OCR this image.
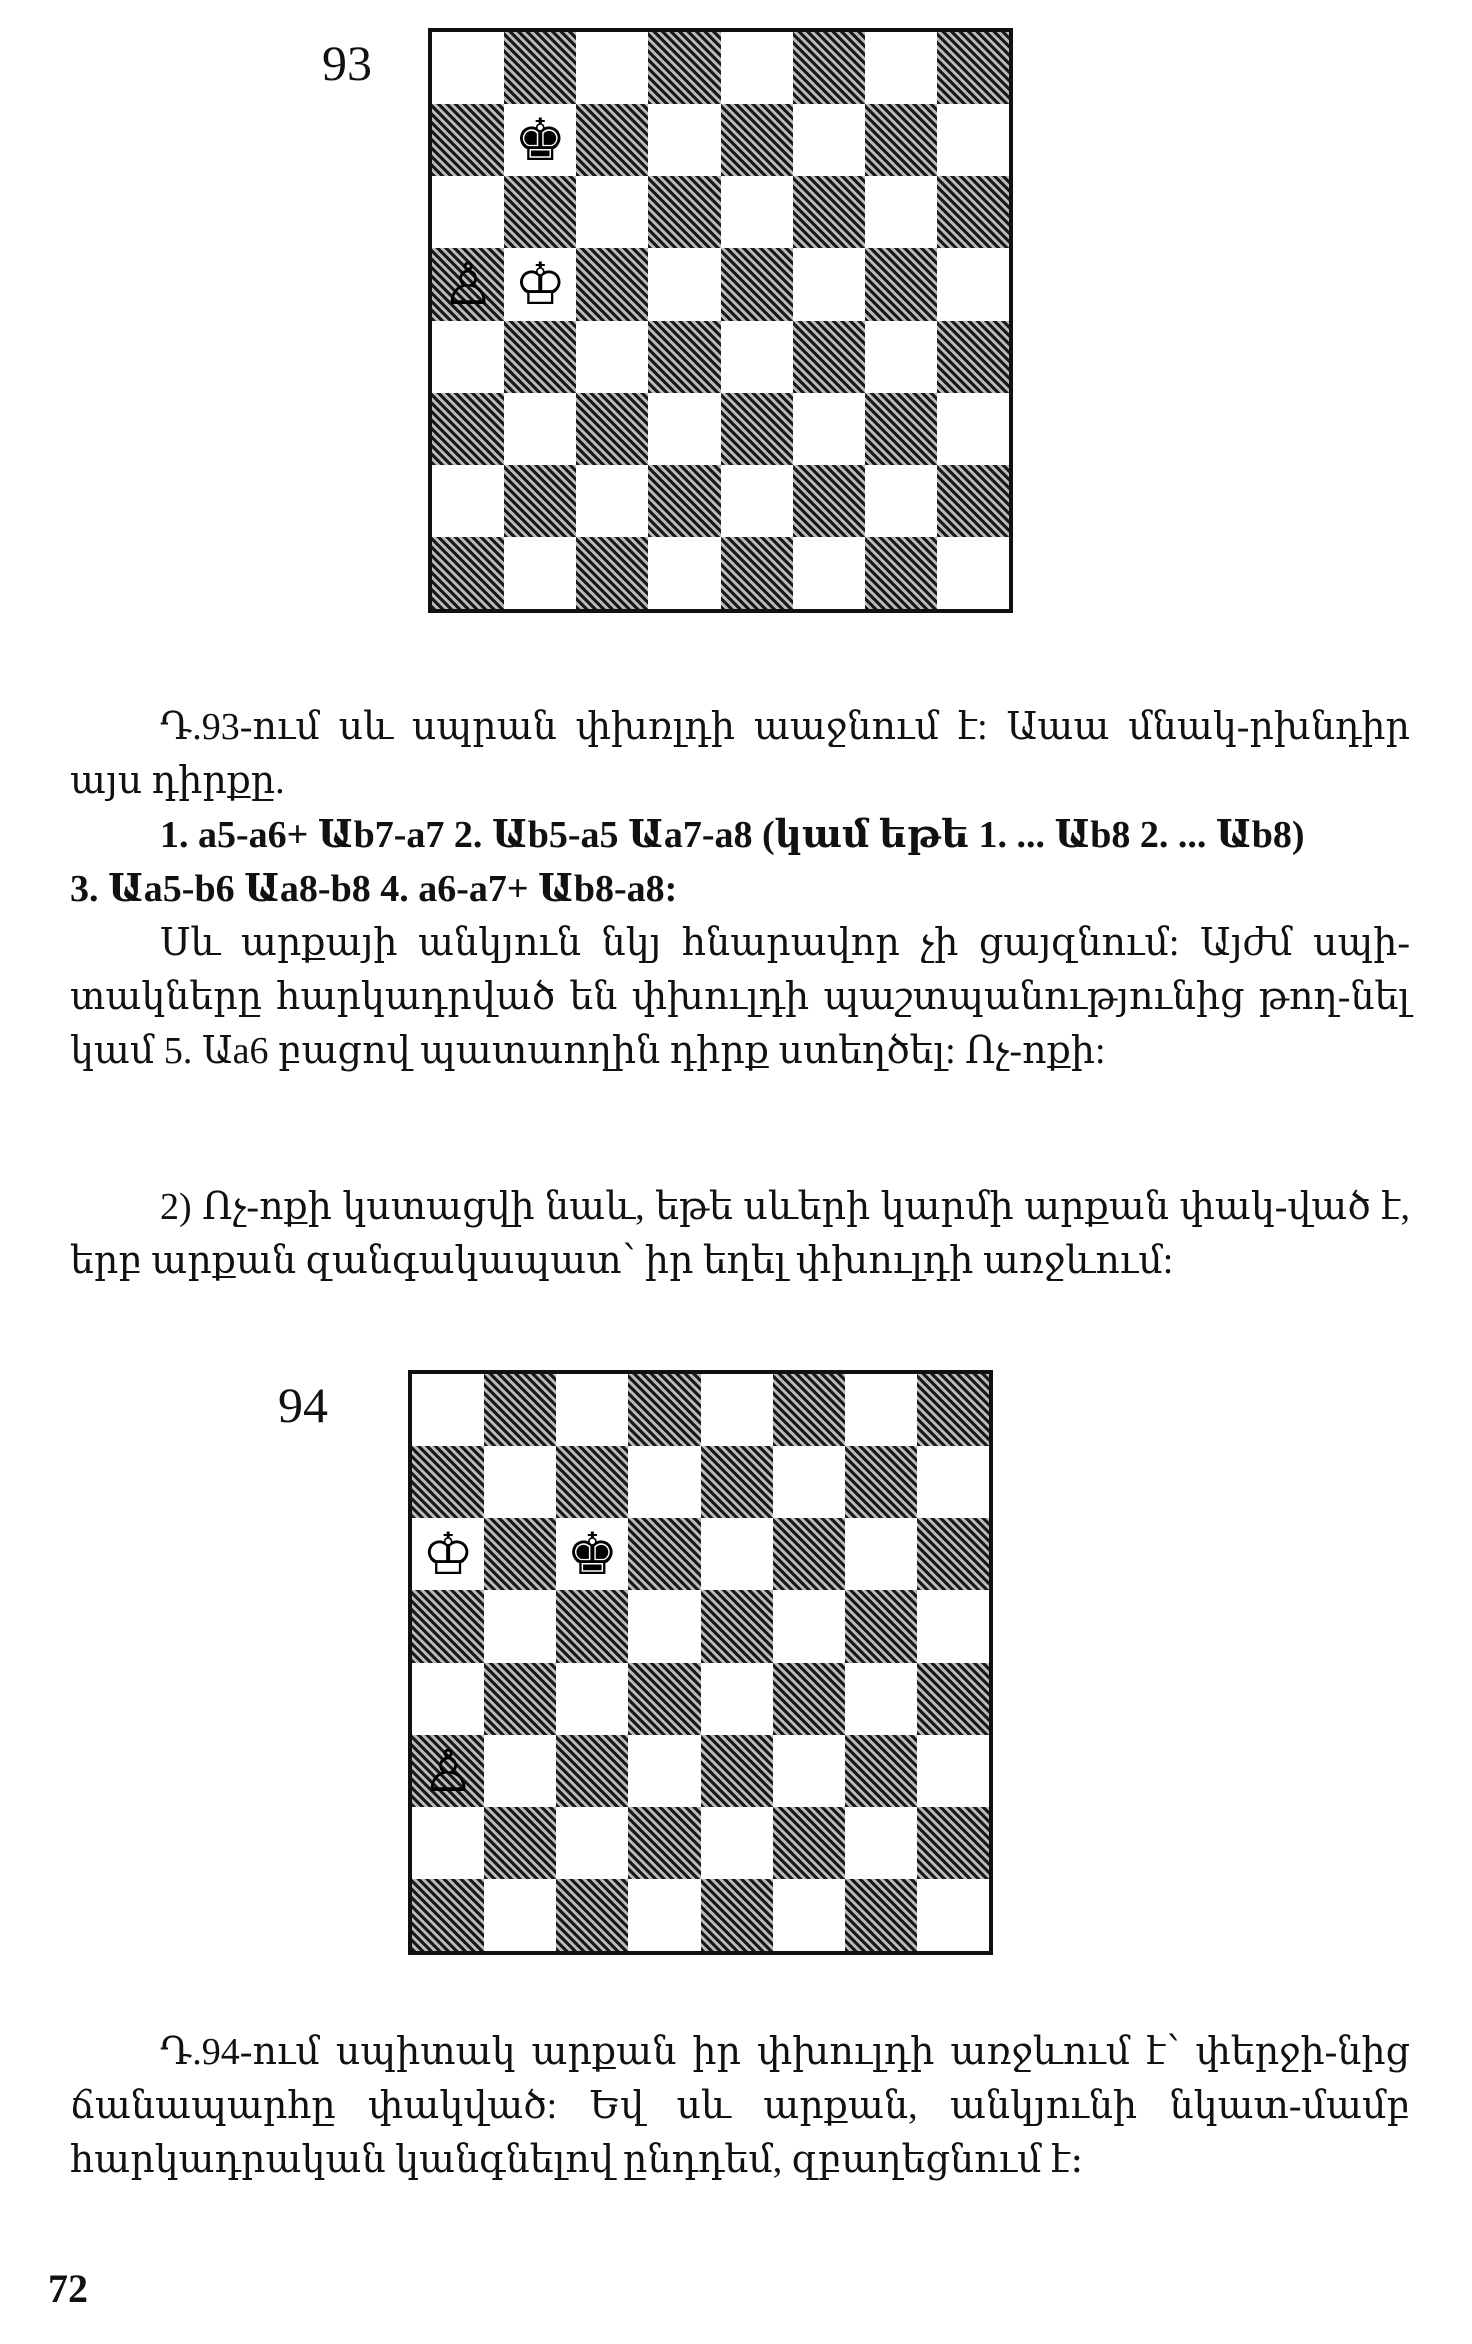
93
♚
♙ ♔

Դ.93-ում սև սպրան փխռլդի աաջնում է: Աաա մնակ-րխնդիր այս դիրքը.

1. a5-a6+ Աb7-a7 2. Աb5-a5 Աa7-a8 (կամ եթե 1. ... Աb8 2. ... Աb8)

3. Աa5-b6 Աa8-b8 4. a6-a7+ Աb8-a8:

Սև արքայի անկյուն նկյ հնարավոր չի ցայզնում: Այժմ սպի-տակները հարկադրված են փխուլդի պաշտպանությունից թող-նել կամ 5. Աa6 բացով պատաողին դիրք ստեղծել: Ոչ-ոքի:

2) Ոչ-ոքի կստացվի նաև, եթե սևերի կարմի արքան փակ-ված է, երբ արքան զանգակապատ՝ իր եղել փխուլդի առջևում:

94
♔ ♚
♙

Դ.94-ում սպիտակ արքան իր փխուլդի առջևում է՝ փերջի-նից ճանապարհը փակված: Եվ սև արքան, անկյունի նկատ-մամբ հարկադրական կանգնելով ընդդեմ, զբաղեցնում է։

72
